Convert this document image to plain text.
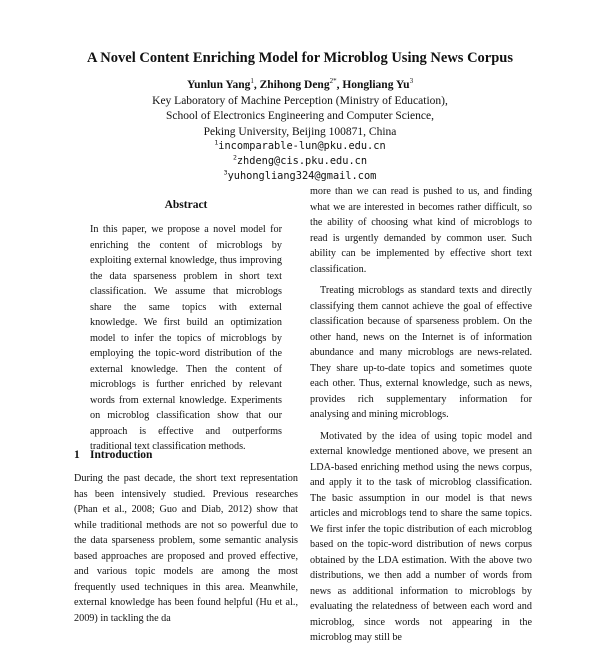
A Novel Content Enriching Model for Microblog Using News Corpus
Yunlun Yang$^1$, Zhihong Deng$^{2*}$, Hongliang Yu$^3$
Key Laboratory of Machine Perception (Ministry of Education),
School of Electronics Engineering and Computer Science,
Peking University, Beijing 100871, China
$^1$incomparable-lun@pku.edu.cn
$^2$zhdeng@cis.pku.edu.cn
$^3$yuhongliang324@gmail.com
Abstract
In this paper, we propose a novel model for enriching the content of microblogs by exploiting external knowledge, thus improving the data sparseness problem in short text classification. We assume that microblogs share the same topics with external knowledge. We first build an optimization model to infer the topics of microblogs by employing the topic-word distribution of the external knowledge. Then the content of microblogs is further enriched by relevant words from external knowledge. Experiments on microblog classification show that our approach is effective and outperforms traditional text classification methods.
1 Introduction
During the past decade, the short text representation has been intensively studied. Previous researches (Phan et al., 2008; Guo and Diab, 2012) show that while traditional methods are not so powerful due to the data sparseness problem, some semantic analysis based approaches are proposed and proved effective, and various topic models are among the most frequently used techniques in this area. Meanwhile, external knowledge has been found helpful (Hu et al., 2009) in tackling the da

more than we can read is pushed to us, and finding what we are interested in becomes rather difficult, so the ability of choosing what kind of microblogs to read is urgently demanded by common user. Such ability can be implemented by effective short text classification.

Treating microblogs as standard texts and directly classifying them cannot achieve the goal of effective classification because of sparseness problem. On the other hand, news on the Internet is of information abundance and many microblogs are news-related. They share up-to-date topics and sometimes quote each other. Thus, external knowledge, such as news, provides rich supplementary information for analysing and mining microblogs.

Motivated by the idea of using topic model and external knowledge mentioned above, we present an LDA-based enriching method using the news corpus, and apply it to the task of microblog classification. The basic assumption in our model is that news articles and microblogs tend to share the same topics. We first infer the topic distribution of each microblog based on the topic-word distribution of news corpus obtained by the LDA estimation. With the above two distributions, we then add a number of words from news as additional information to microblogs by evaluating the relatedness of between each word and microblog, since words not appearing in the microblog may still be
